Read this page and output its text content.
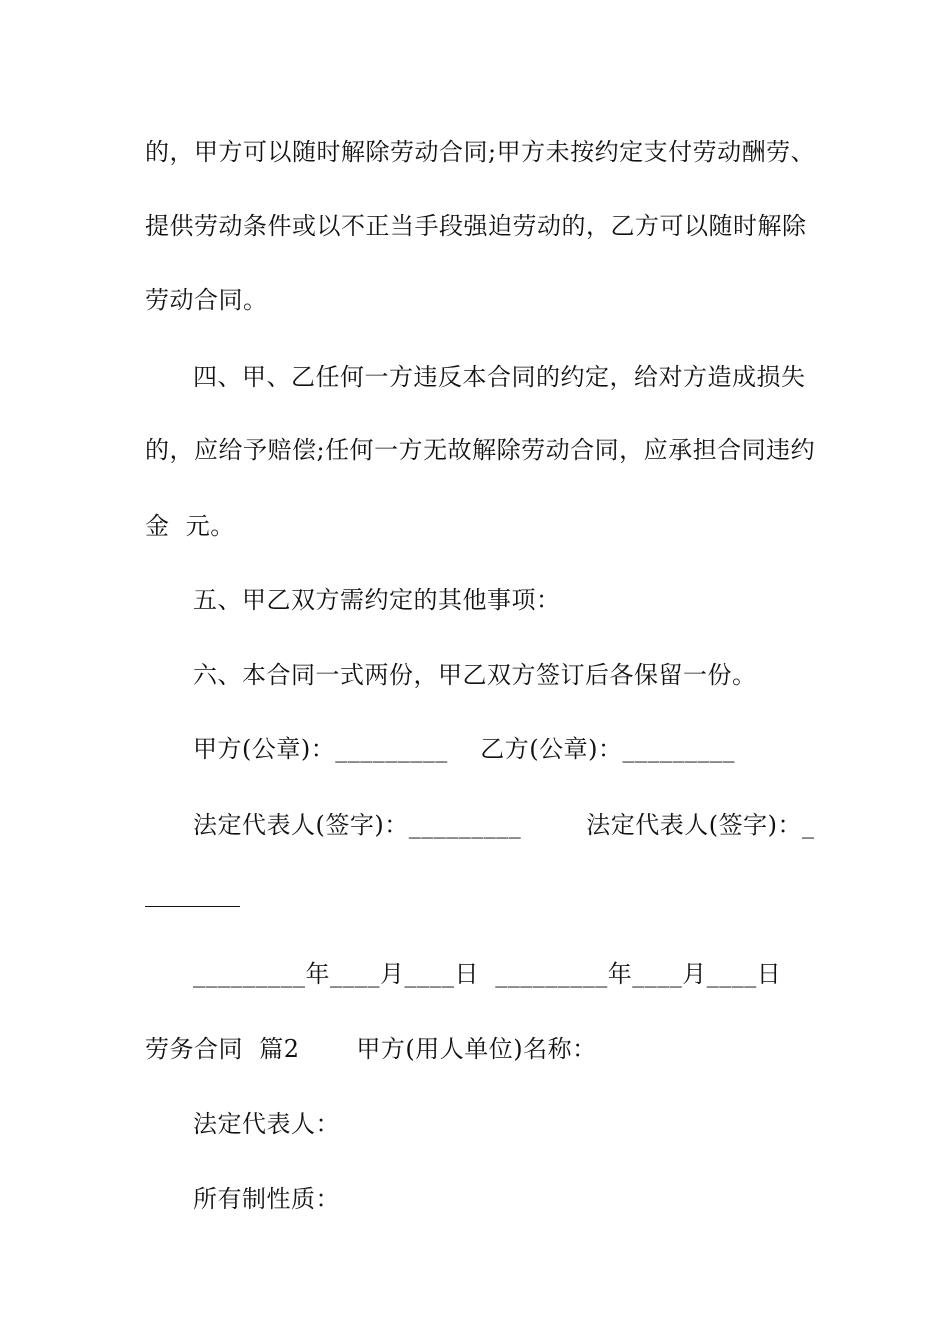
的，甲方可以随时解除劳动合同;甲方未按约定支付劳动酬劳、
提供劳动条件或以不正当手段强迫劳动的，乙方可以随时解除
劳动合同。
四、甲、乙任何一方违反本合同的约定，给对方造成损失
的，应给予赔偿;任何一方无故解除劳动合同，应承担合同违约
金  元。
五、甲乙双方需约定的其他事项：
六、本合同一式两份，甲乙双方签订后各保留一份。
甲方(公章)：_________    乙方(公章)：_________
法定代表人(签字)：_________        法定代表人(签字)：_
_________年____月____日  _________年____月____日
劳务合同  篇2       甲方(用人单位)名称：
法定代表人：
所有制性质：
